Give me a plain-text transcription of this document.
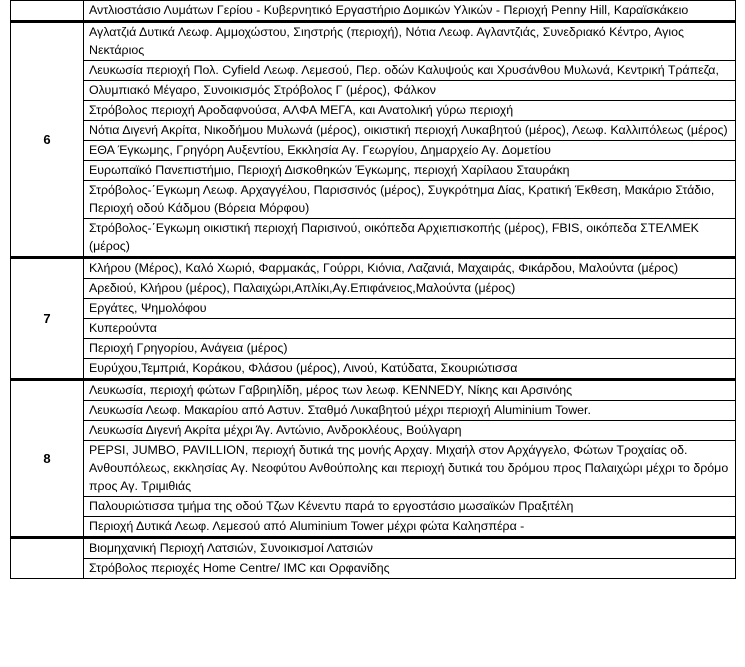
	Αντλιοστάσιο Λυμάτων Γερίου - Κυβερνητικό Εργαστήριο Δομικών Υλικών - Περιοχή Penny Hill, Καραϊσκάκειο
6	Αγλατζιά Δυτικά Λεωφ. Αμμοχώστου, Σιηστρής (περιοχή), Νότια Λεωφ. Αγλαντζιάς, Συνεδριακό Κέντρο, Αγιος Νεκτάριος
	Λευκωσία περιοχή Πολ. Cyfield Λεωφ. Λεμεσού, Περ. οδών Καλυψούς και Χρυσάνθου Μυλωνά, Κεντρική Τράπεζα,
	Ολυμπιακό Μέγαρο, Συνοικισμός Στρόβολος Γ (μέρος), Φάλκον
	Στρόβολος περιοχή Αροδαφνούσα, ΑΛΦΑ ΜΕΓΑ, και Ανατολική γύρω περιοχή
	Νότια Διγενή Ακρίτα, Νικοδήμου Μυλωνά (μέρος), οικιστική περιοχή Λυκαβητού (μέρος), Λεωφ. Καλλιπόλεως (μέρος)
	ΕΘΑ Έγκωμης, Γρηγόρη Αυξεντίου, Εκκλησία Αγ. Γεωργίου, Δημαρχείο Αγ. Δομετίου
	Ευρωπαϊκό Πανεπιστήμιο, Περιοχή Δισκοθηκών Έγκωμης, περιοχή Χαρίλαου Σταυράκη
	Στρόβολος-΄Εγκωμη Λεωφ. Αρχαγγέλου, Παρισσινός (μέρος), Συγκρότημα Δίας, Κρατική Έκθεση, Μακάριο Στάδιο, Περιοχή οδού Κάδμου (Βόρεια Μόρφου)
	Στρόβολος-΄Εγκωμη οικιστική περιοχή Παρισινού, οικόπεδα Αρχιεπισκοπής (μέρος), FBIS, οικόπεδα ΣΤΕΛΜΕΚ (μέρος)
7	Κλήρου (Μέρος), Καλό Χωριό, Φαρμακάς, Γούρρι, Κιόνια, Λαζανιά, Μαχαιράς, Φικάρδου, Μαλούντα (μέρος)
	Αρεδιού, Κλήρου (μέρος), Παλαιχώρι,Απλίκι,Αγ.Επιφάνειος,Μαλούντα (μέρος)
	Εργάτες, Ψημολόφου
	Κυπερούντα
	Περιοχή Γρηγορίου, Ανάγεια (μέρος)
	Ευρύχου,Τεμπριά, Κοράκου, Φλάσου (μέρος), Λινού, Κατύδατα, Σκουριώτισσα
8	Λευκωσία, περιοχή φώτων Γαβριηλίδη, μέρος των λεωφ. KENNEDY, Νίκης και Αρσινόης
	Λευκωσία Λεωφ. Μακαρίου από Αστυν. Σταθμό Λυκαβητού μέχρι περιοχή Aluminium Tower.
	Λευκωσία Διγενή Ακρίτα μέχρι Άγ. Αντώνιο, Ανδροκλέους, Βούλγαρη
	PEPSI, JUMBO, PAVILLION, περιοχή δυτικά της μονής Αρχαγ. Μιχαήλ στον Αρχάγγελο, Φώτων Τροχαίας οδ. Ανθουπόλεως, εκκλησίας Αγ. Νεοφύτου Ανθούπολης και περιοχή δυτικά του δρόμου προς Παλαιχώρι μέχρι το δρόμο προς Αγ. Τριμιθιάς
	Παλουριώτισσα τμήμα της οδού Τζων Κένεντυ παρά το εργοστάσιο μωσαϊκών Πραξιτέλη
	Περιοχή Δυτικά Λεωφ. Λεμεσού από Aluminium Tower μέχρι φώτα Καλησπέρα -
	Βιομηχανική Περιοχή Λατσιών, Συνοικισμοί Λατσιών
	Στρόβολος περιοχές Home Centre/ IMC και Ορφανίδης
